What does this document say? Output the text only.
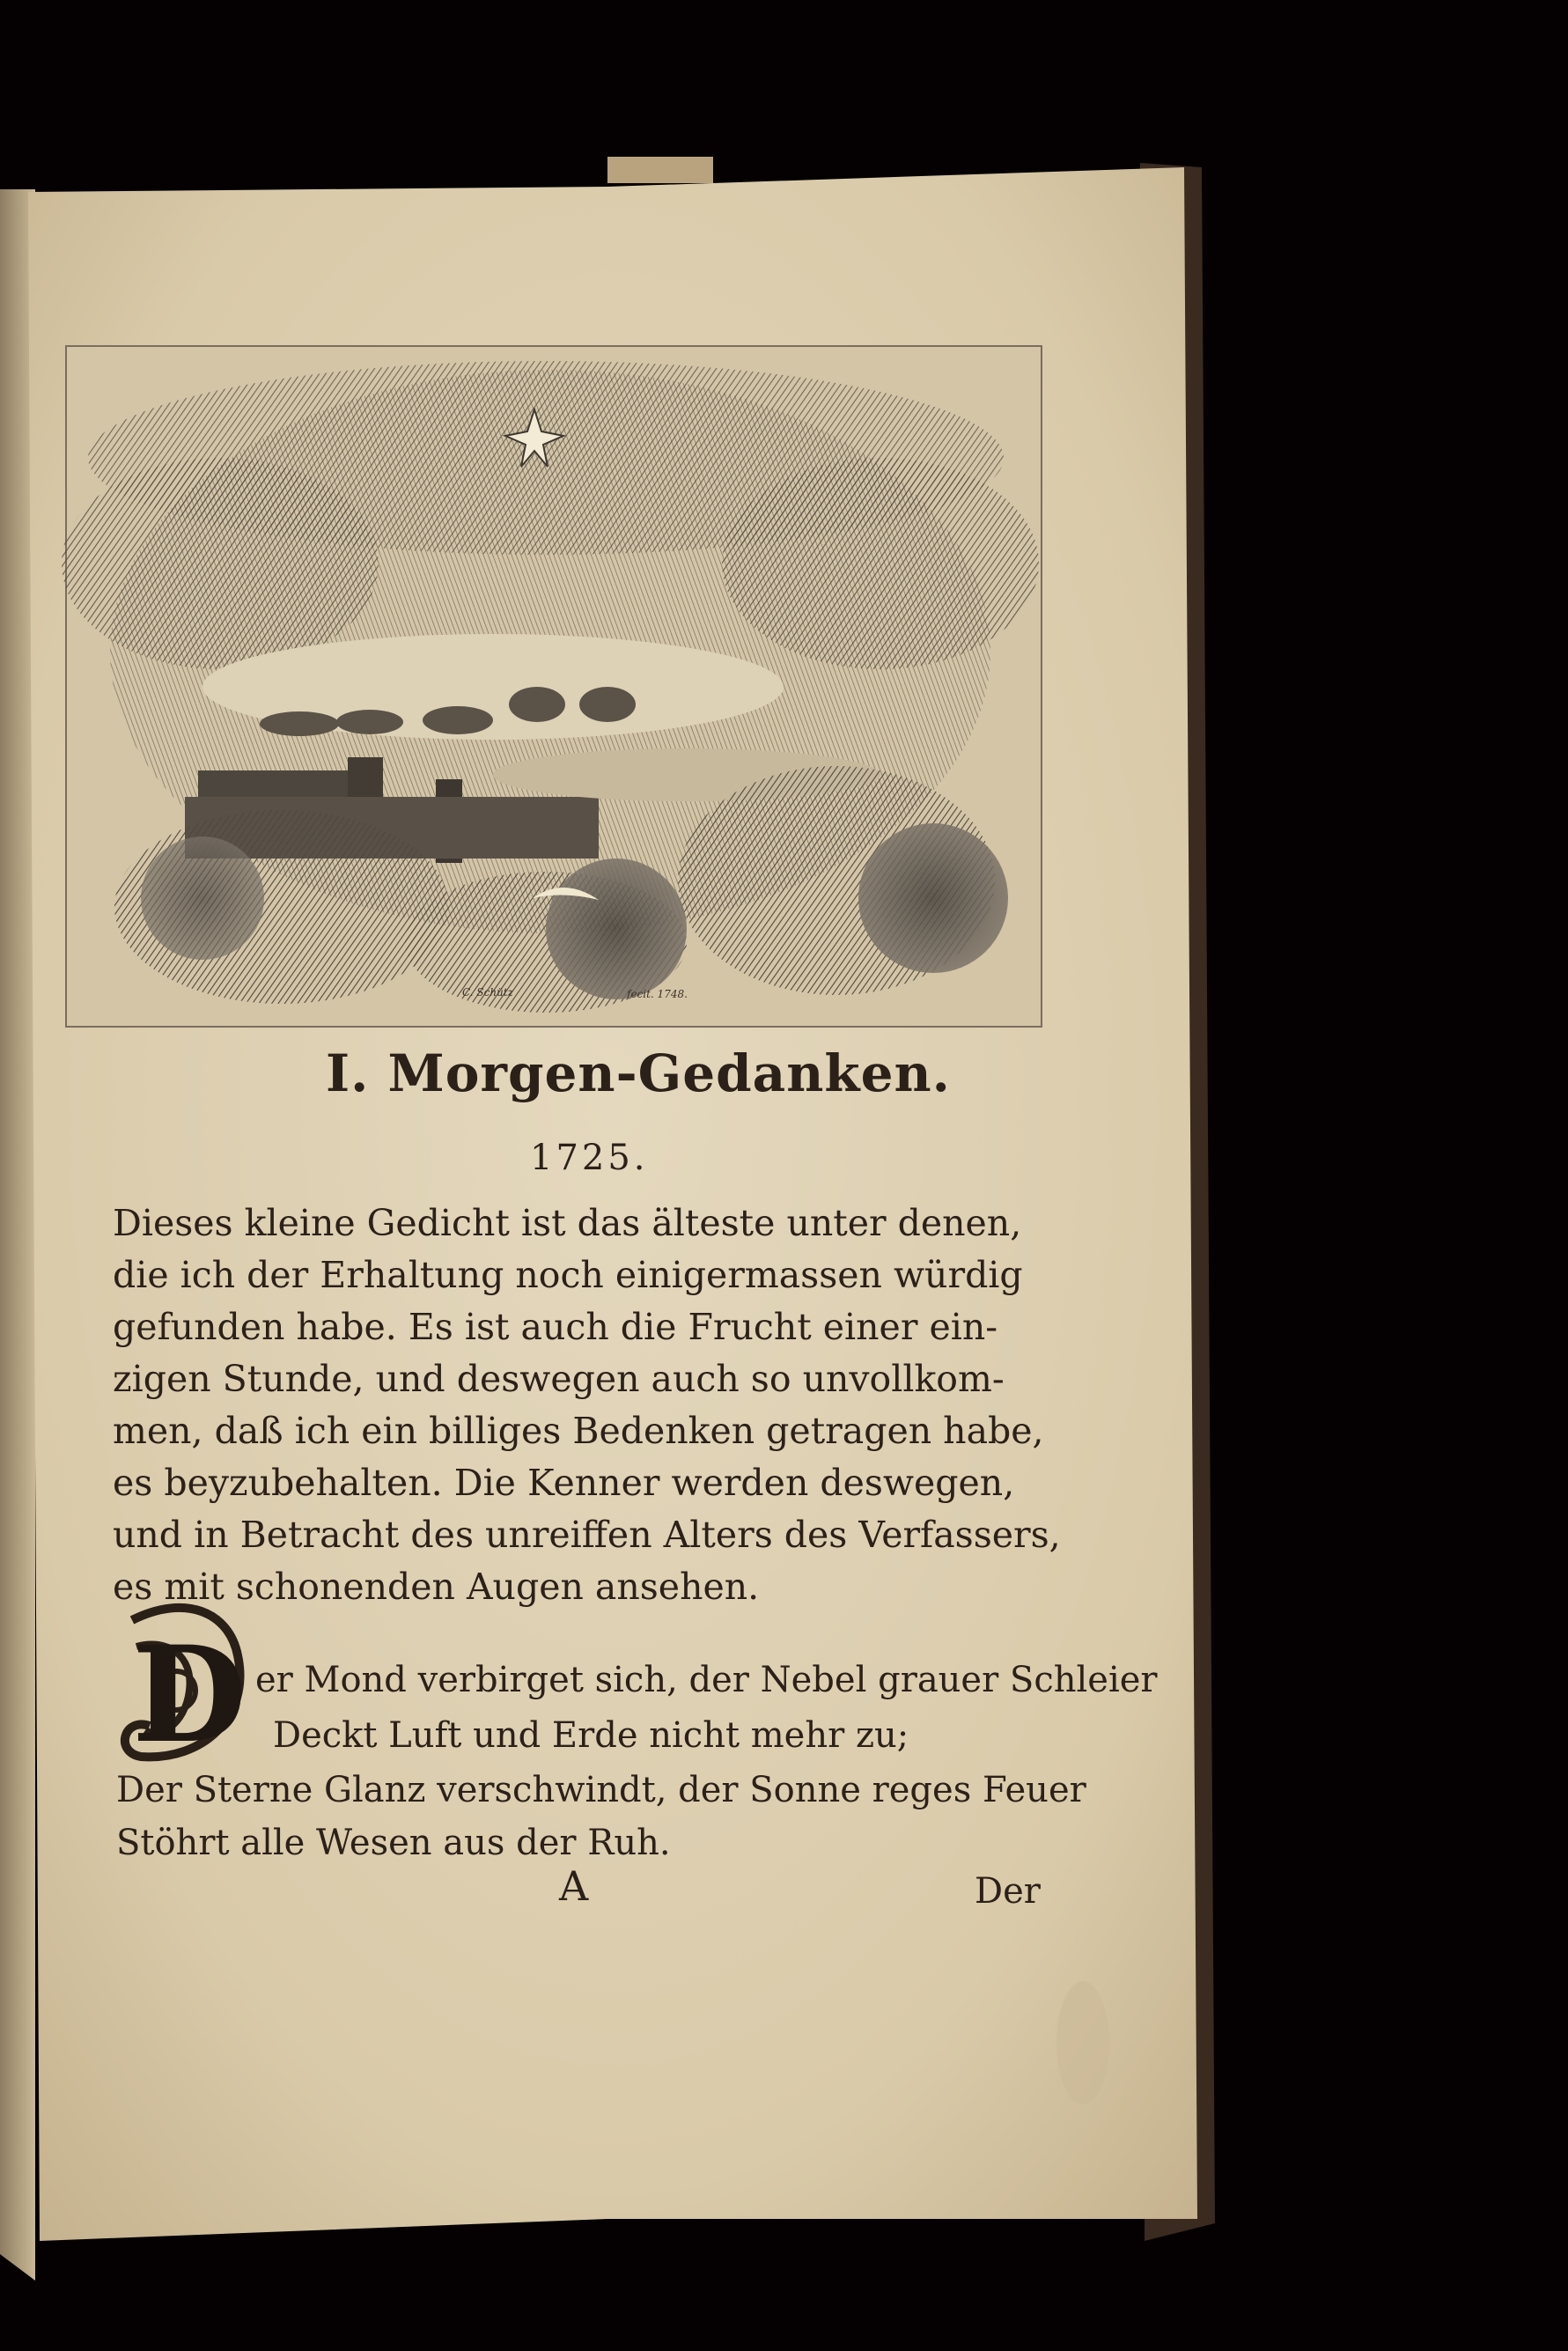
C. Schütz	fecit. 1748.
I. Morgen-Gedanken.
1725.
Dieses kleine Gedicht ist das älteste unter denen,
die ich der Erhaltung noch einigermassen würdig
gefunden habe. Es ist auch die Frucht einer ein-
zigen Stunde, und deswegen auch so unvollkom-
men, daß ich ein billiges Bedenken getragen habe,
es beyzubehalten. Die Kenner werden deswegen,
und in Betracht des unreiffen Alters des Verfassers,
es mit schonenden Augen ansehen.
D er Mond verbirget sich, der Nebel grauer Schleier
Deckt Luft und Erde nicht mehr zu;
Der Sterne Glanz verschwindt, der Sonne reges Feuer
Stöhrt alle Wesen aus der Ruh.
A	Der
